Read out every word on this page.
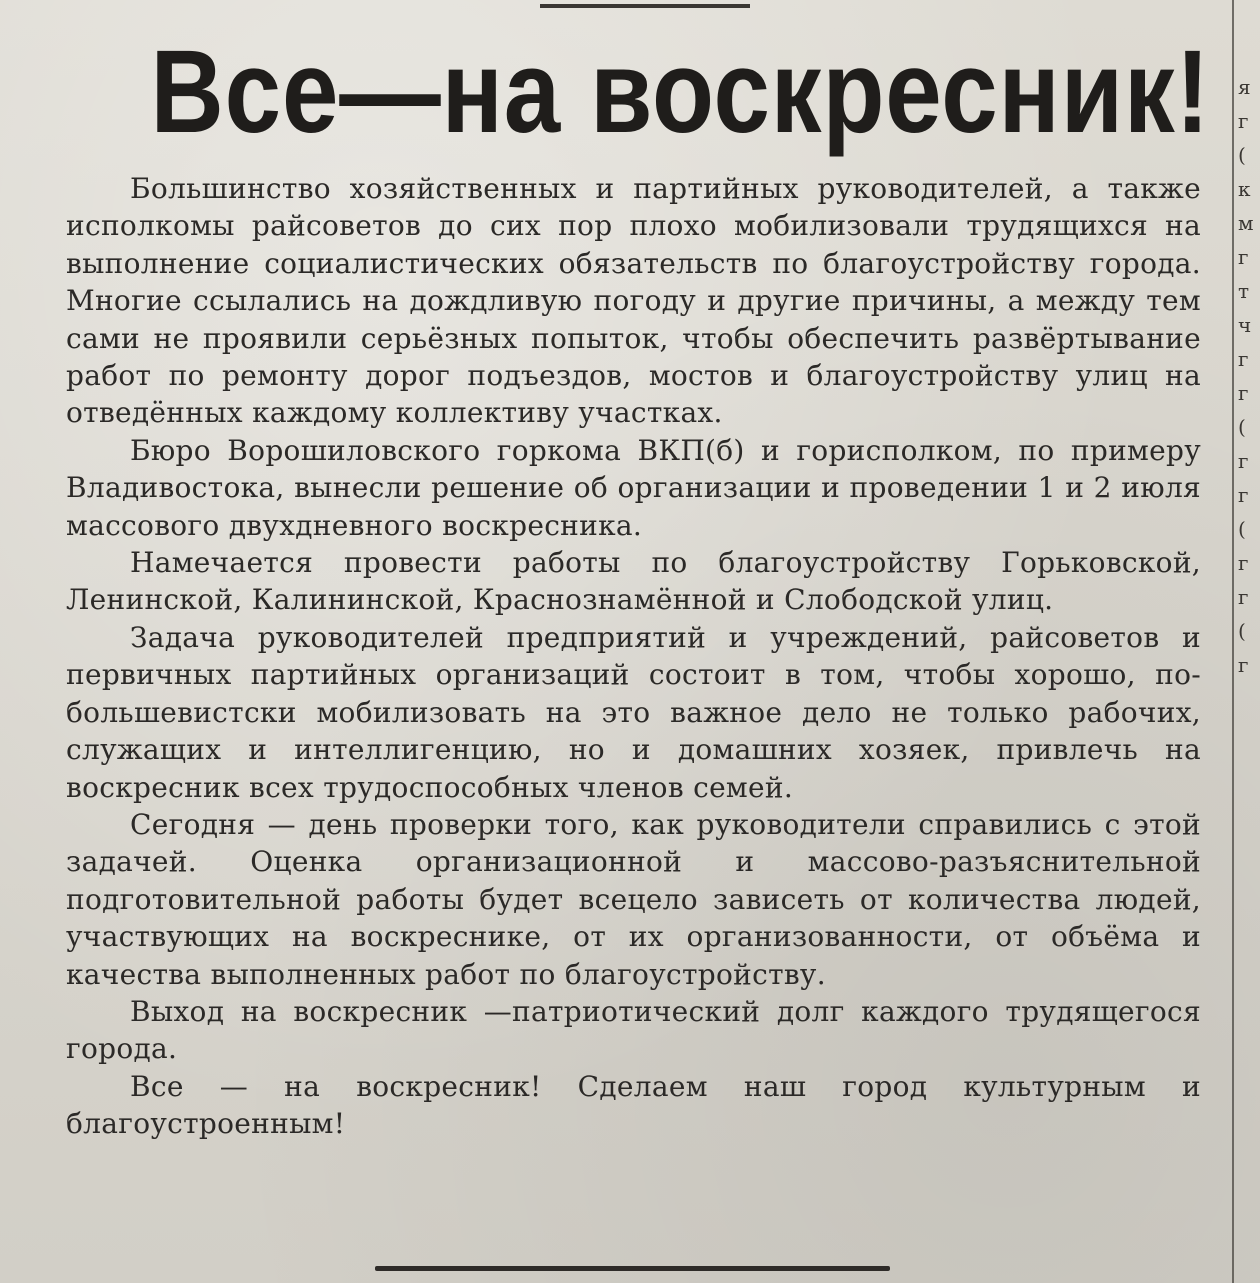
Все—на воскресник!

Большинство хозяйственных и партийных руководителей, а также исполкомы райсоветов до сих пор плохо мобилизовали трудящихся на выполнение социалистических обязательств по благоустройству города. Многие ссылались на дождливую погоду и другие причины, а между тем сами не проявили серьёзных попыток, чтобы обеспечить развёртывание работ по ремонту дорог подъездов, мостов и благоустройству улиц на отведённых каждому коллективу участках.

Бюро Ворошиловского горкома ВКП(б) и горисполком, по примеру Владивостока, вынесли решение об организации и проведении 1 и 2 июля массового двухдневного воскресника.

Намечается провести работы по благоустройству Горьковской, Ленинской, Калининской, Краснознамённой и Слободской улиц.

Задача руководителей предприятий и учреждений, райсоветов и первичных партийных организаций состоит в том, чтобы хорошо, по-большевистски мобилизовать на это важное дело не только рабочих, служащих и интеллигенцию, но и домашних хозяек, привлечь на воскресник всех трудоспособных членов семей.

Сегодня — день проверки того, как руководители справились с этой задачей. Оценка организационной и массово-разъяснительной подготовительной работы будет всецело зависеть от количества людей, участвующих на воскреснике, от их организованности, от объёма и качества выполненных работ по благоустройству.

Выход на воскресник —патриотический долг каждого трудящегося города.

Все — на воскресник! Сделаем наш город культурным и благоустроенным!

я
г
(
к
м
г
т
ч
г
г
(
г
г
(
г
г
(
г
